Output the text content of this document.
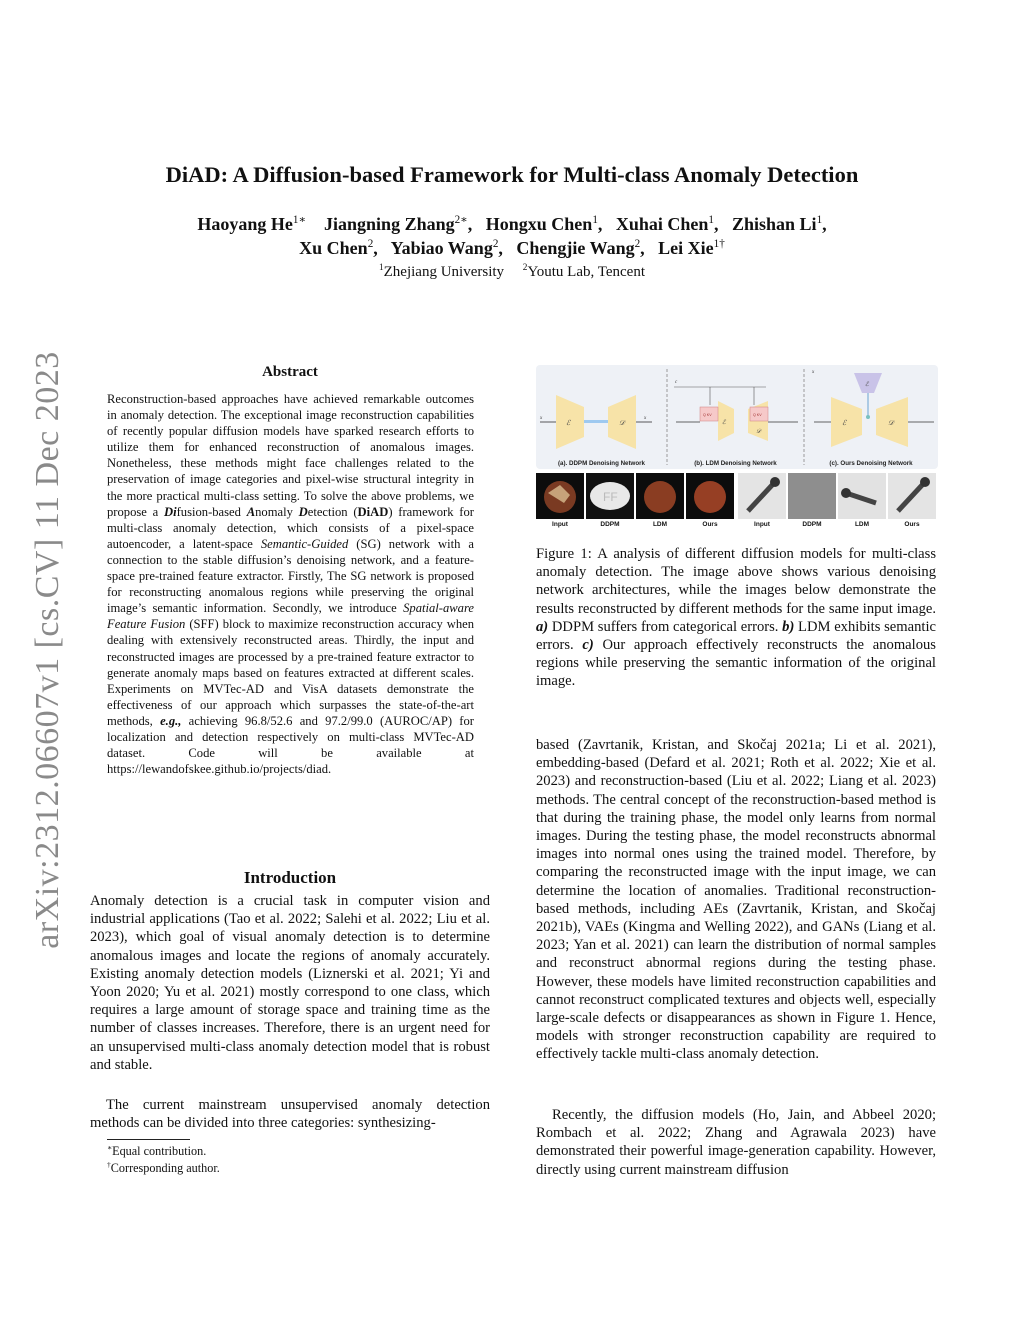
arXiv:2312.06607v1 [cs.CV] 11 Dec 2023
DiAD: A Diffusion-based Framework for Multi-class Anomaly Detection
Haoyang $He^{1∗}$ Jiangning Zhang$^{2∗}$,   Hongxu Chen$^1$,   Xuhai Chen$^1$,   Zhishan Li$^1$,
Xu Chen$^2$,   Yabiao Wang$^2$,   Chengjie Wang$^2$,   Lei Xie$^{1\dagger}$
$^1$Zhejiang University $^2$Youtu Lab, Tencent
Abstract
Reconstruction-based approaches have achieved remarkable outcomes in anomaly detection. The exceptional image reconstruction capabilities of recently popular diffusion models have sparked research efforts to utilize them for enhanced reconstruction of anomalous images. Nonetheless, these methods might face challenges related to the preservation of image categories and pixel-wise structural integrity in the more practical multi-class setting. To solve the above problems, we propose a Difusion-based Anomaly Detection (DiAD) framework for multi-class anomaly detection, which consists of a pixel-space autoencoder, a latent-space Semantic-Guided (SG) network with a connection to the stable diffusion’s denoising network, and a feature-space pre-trained feature extractor. Firstly, The SG network is proposed for reconstructing anomalous regions while preserving the original image’s semantic information. Secondly, we introduce Spatial-aware Feature Fusion (SFF) block to maximize reconstruction accuracy when dealing with extensively reconstructed areas. Thirdly, the input and reconstructed images are processed by a pre-trained feature extractor to generate anomaly maps based on features extracted at different scales. Experiments on MVTec-AD and VisA datasets demonstrate the effectiveness of our approach which surpasses the state-of-the-art methods, e.g., achieving 96.8/52.6 and 97.2/99.0 (AUROC/AP) for localization and detection respectively on multi-class MVTec-AD dataset. Code will be available at https://lewandofskee.github.io/projects/diad.
Introduction
Anomaly detection is a crucial task in computer vision and industrial applications (Tao et al. 2022; Salehi et al. 2022; Liu et al. 2023), which goal of visual anomaly detection is to determine anomalous images and locate the regions of anomaly accurately. Existing anomaly detection models (Liznerski et al. 2021; Yi and Yoon 2020; Yu et al. 2021) mostly correspond to one class, which requires a large amount of storage space and training time as the number of classes increases. Therefore, there is an urgent need for an unsupervised multi-class anomaly detection model that is robust and stable.
The current mainstream unsupervised anomaly detection methods can be divided into three categories: synthesizing-
∗Equal contribution.
†Corresponding author.
x	x
ℰ	𝒟
c
Q KV	Q KV
ℰ
𝒟
x
ℰ
ℰ	𝒟
(a). DDPM Denoising Network	(b). LDM Denoising Network	(c). Ours Denoising Network
FF
Input	DDPM	LDM	Ours	Input	DDPM	LDM	Ours
Figure 1: A analysis of different diffusion models for multi-class anomaly detection. The image above shows various denoising network architectures, while the images below demonstrate the results reconstructed by different methods for the same input image. a) DDPM suffers from categorical errors. b) LDM exhibits semantic errors. c) Our approach effectively reconstructs the anomalous regions while preserving the semantic information of the original image.
based (Zavrtanik, Kristan, and Skočaj 2021a; Li et al. 2021), embedding-based (Defard et al. 2021; Roth et al. 2022; Xie et al. 2023) and reconstruction-based (Liu et al. 2022; Liang et al. 2023) methods. The central concept of the reconstruction-based method is that during the training phase, the model only learns from normal images. During the testing phase, the model reconstructs abnormal images into normal ones using the trained model. Therefore, by comparing the reconstructed image with the input image, we can determine the location of anomalies. Traditional reconstruction-based methods, including AEs (Zavrtanik, Kristan, and Skočaj 2021b), VAEs (Kingma and Welling 2022), and GANs (Liang et al. 2023; Yan et al. 2021) can learn the distribution of normal samples and reconstruct abnormal regions during the testing phase. However, these models have limited reconstruction capabilities and cannot reconstruct complicated textures and objects well, especially large-scale defects or disappearances as shown in Figure 1. Hence, models with stronger reconstruction capability are required to effectively tackle multi-class anomaly detection.
Recently, the diffusion models (Ho, Jain, and Abbeel 2020; Rombach et al. 2022; Zhang and Agrawala 2023) have demonstrated their powerful image-generation capability. However, directly using current mainstream diffusion
